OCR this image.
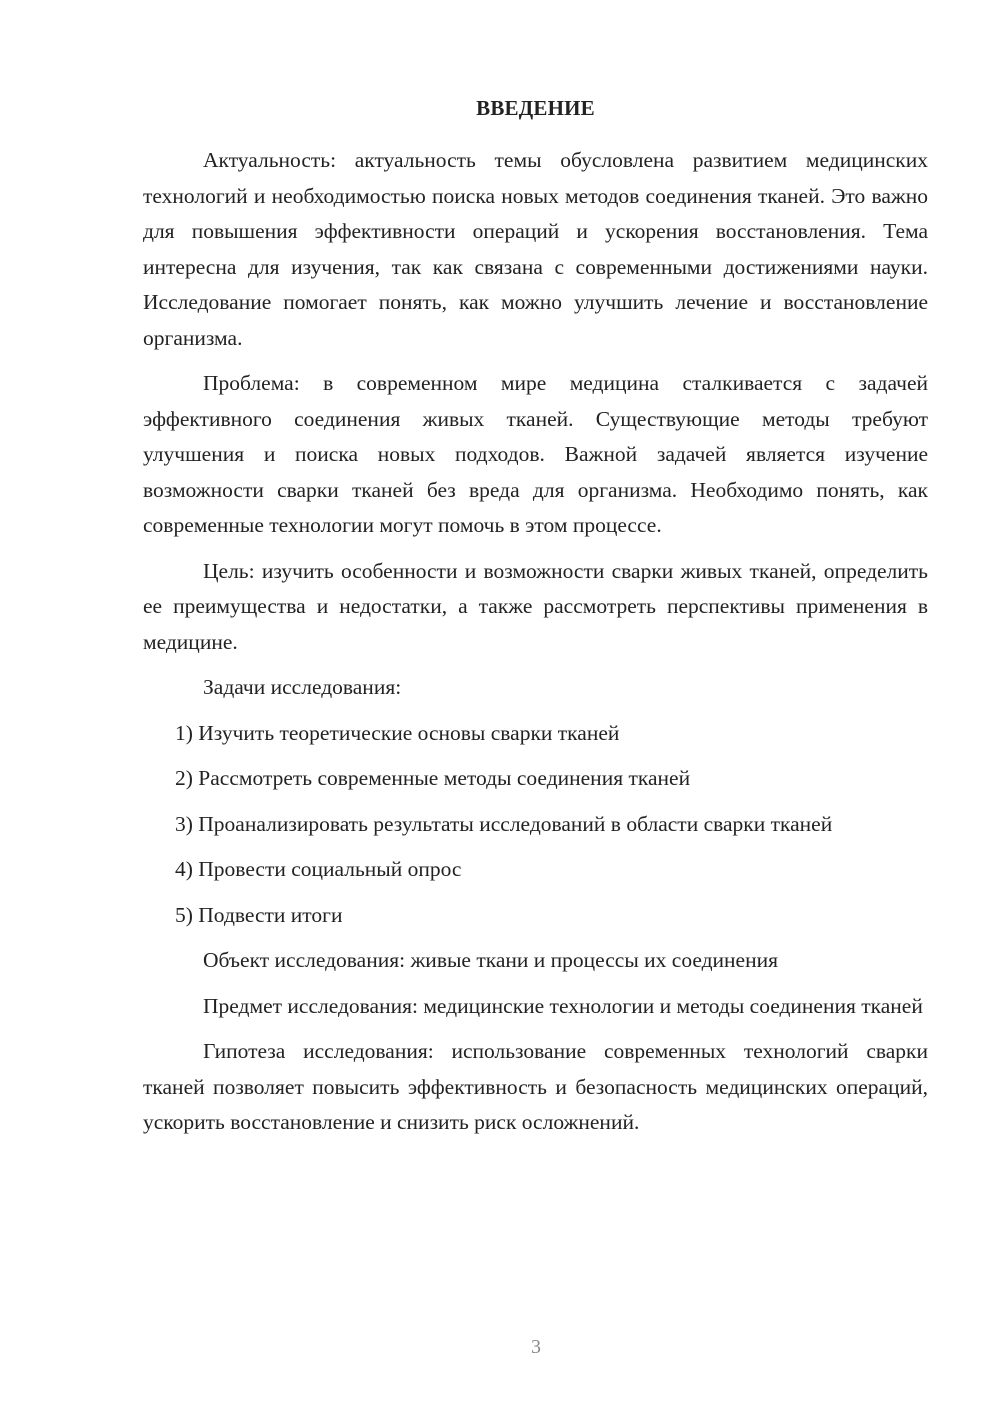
ВВЕДЕНИЕ

Актуальность: актуальность темы обусловлена развитием медицинских технологий и необходимостью поиска новых методов соединения тканей. Это важно для повышения эффективности операций и ускорения восстановления. Тема интересна для изучения, так как связана с современными достижениями науки. Исследование помогает понять, как можно улучшить лечение и восстановление организма.

Проблема: в современном мире медицина сталкивается с задачей эффективного соединения живых тканей. Существующие методы требуют улучшения и поиска новых подходов. Важной задачей является изучение возможности сварки тканей без вреда для организма. Необходимо понять, как современные технологии могут помочь в этом процессе.

Цель: изучить особенности и возможности сварки живых тканей, определить ее преимущества и недостатки, а также рассмотреть перспективы применения в медицине.

Задачи исследования:

1) Изучить теоретические основы сварки тканей

2) Рассмотреть современные методы соединения тканей

3) Проанализировать результаты исследований в области сварки тканей

4) Провести социальный опрос

5) Подвести итоги

Объект исследования: живые ткани и процессы их соединения

Предмет исследования: медицинские технологии и методы соединения тканей

Гипотеза исследования: использование современных технологий сварки тканей позволяет повысить эффективность и безопасность медицинских операций, ускорить восстановление и снизить риск осложнений.

3
